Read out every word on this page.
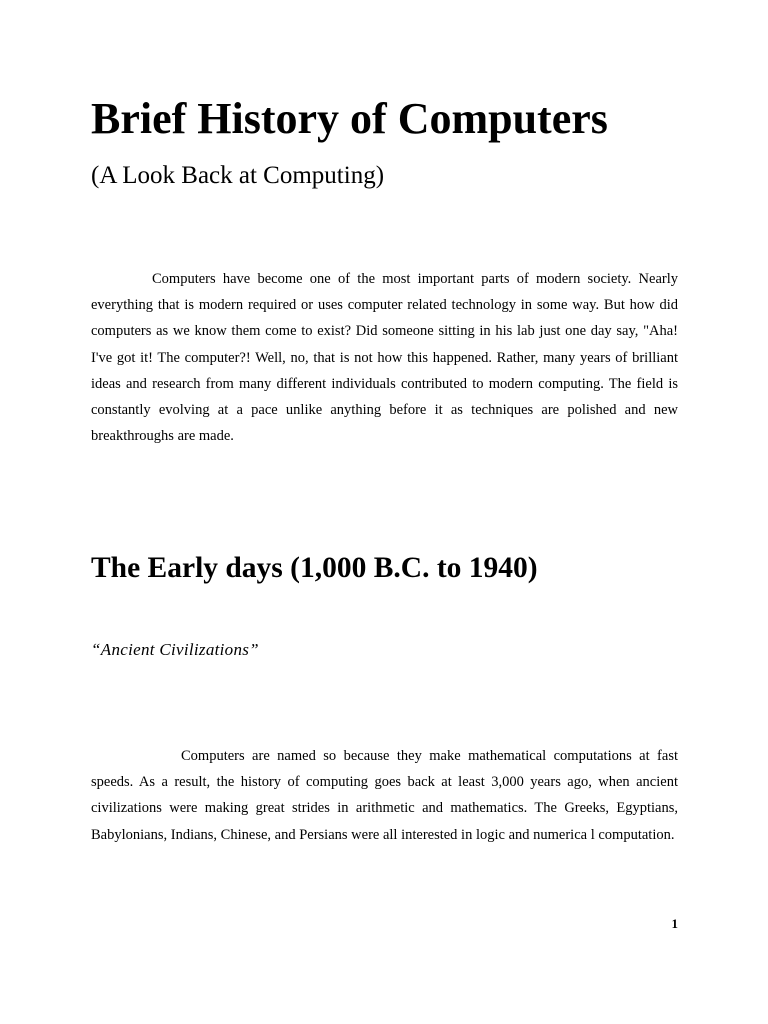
Brief History of Computers
(A Look Back at Computing)

Computers have become one of the most important parts of modern society. Nearly everything that is modern required or uses computer related technology in some way. But how did computers as we know them come to exist? Did someone sitting in his lab just one day say, "Aha! I've got it! The computer?! Well, no, that is not how this happened. Rather, many years of brilliant ideas and research from many different individuals contributed to modern computing. The field is constantly evolving at a pace unlike anything before it as techniques are polished and new breakthroughs are made.

The Early days (1,000 B.C. to 1940)
“Ancient Civilizations”

Computers are named so because they make mathematical computations at fast speeds. As a result, the history of computing goes back at least 3,000 years ago, when ancient civilizations were making great strides in arithmetic and mathematics. The Greeks, Egyptians, Babylonians, Indians, Chinese, and Persians were all interested in logic and numerica l computation.

1
